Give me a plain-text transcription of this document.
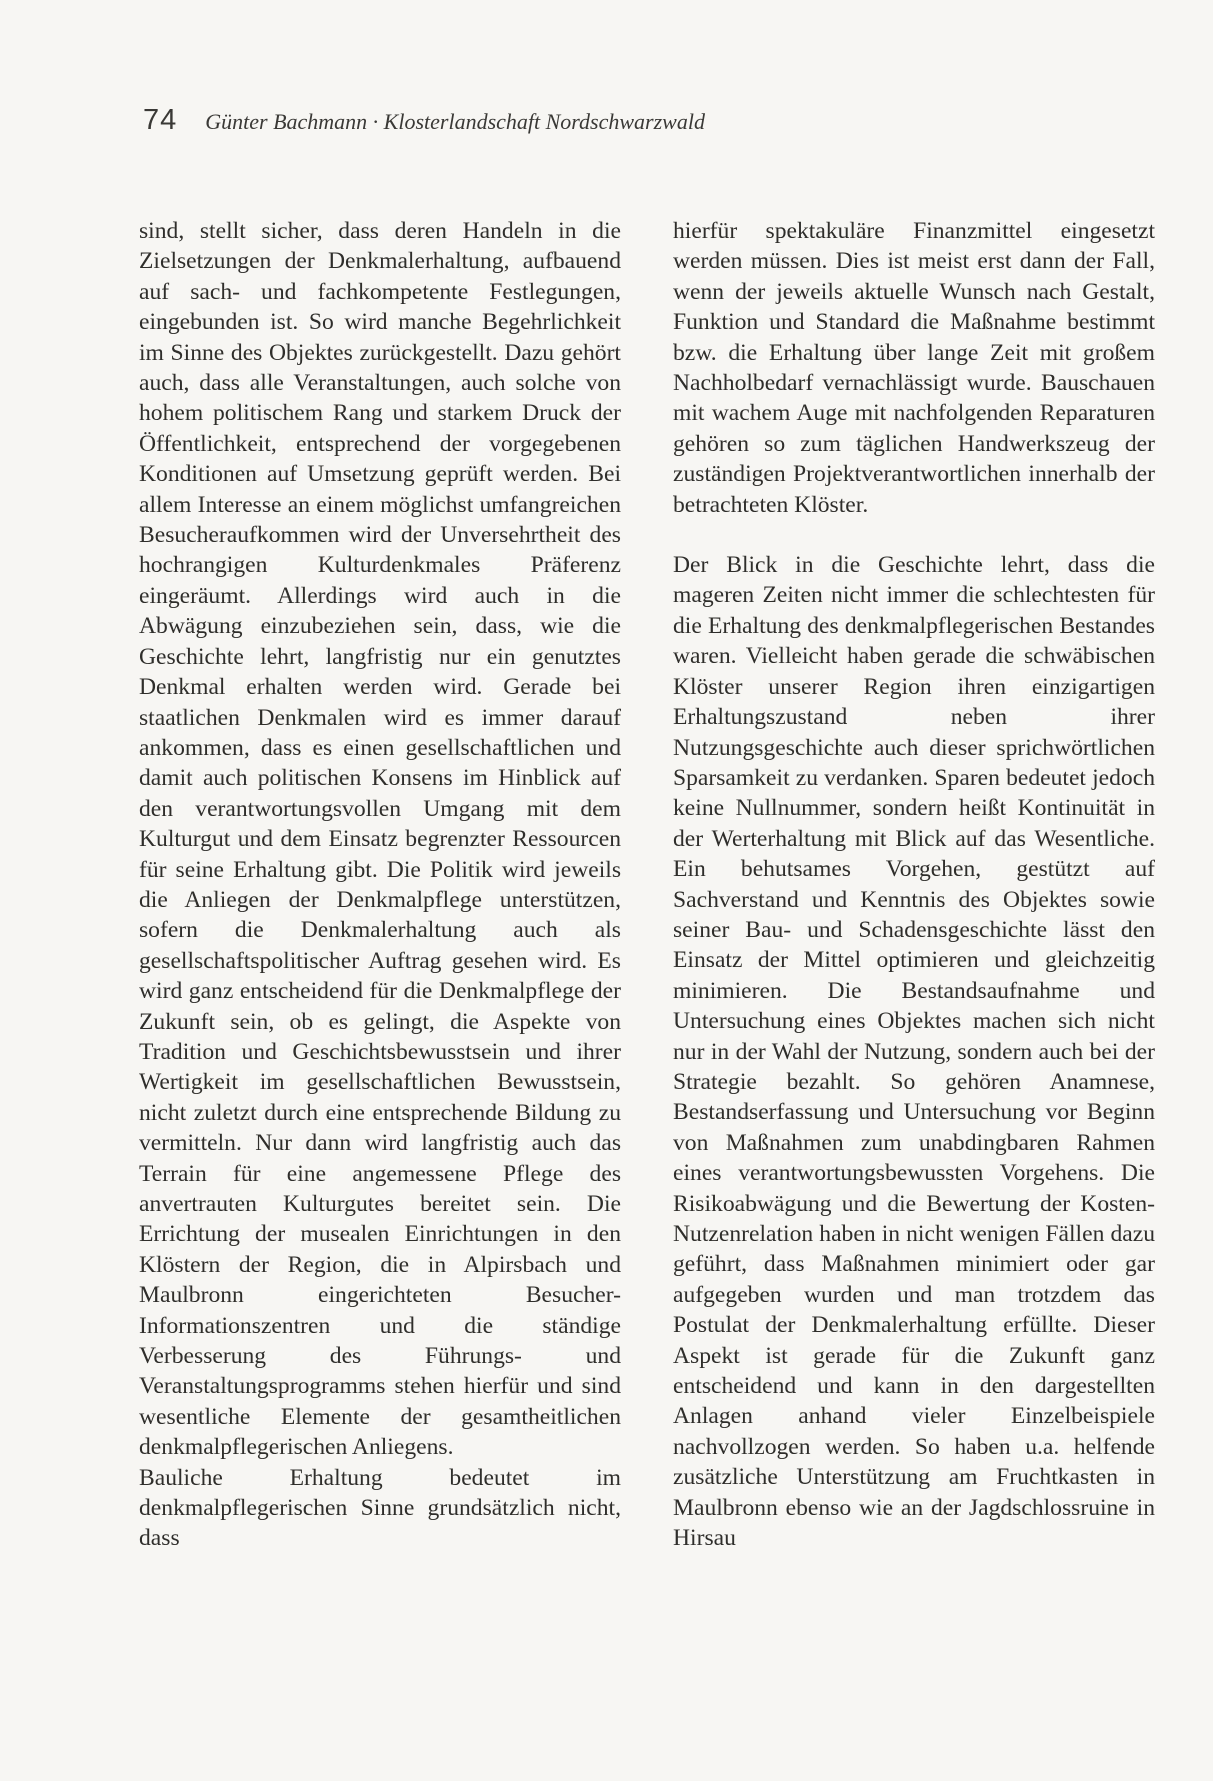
74 Günter Bachmann · Klosterlandschaft Nordschwarzwald

sind, stellt sicher, dass deren Handeln in die Zielsetzungen der Denkmalerhaltung, aufbauend auf sach- und fachkompetente Festlegungen, eingebunden ist. So wird manche Begehrlichkeit im Sinne des Objektes zurückgestellt. Dazu gehört auch, dass alle Veranstaltungen, auch solche von hohem politischem Rang und starkem Druck der Öffentlichkeit, entsprechend der vorgegebenen Konditionen auf Umsetzung geprüft werden. Bei allem Interesse an einem möglichst umfangreichen Besucheraufkommen wird der Unversehrtheit des hochrangigen Kulturdenkmales Präferenz eingeräumt. Allerdings wird auch in die Abwägung einzubeziehen sein, dass, wie die Geschichte lehrt, langfristig nur ein genutztes Denkmal erhalten werden wird. Gerade bei staatlichen Denkmalen wird es immer darauf ankommen, dass es einen gesellschaftlichen und damit auch politischen Konsens im Hinblick auf den verantwortungsvollen Umgang mit dem Kulturgut und dem Einsatz begrenzter Ressourcen für seine Erhaltung gibt. Die Politik wird jeweils die Anliegen der Denkmalpflege unterstützen, sofern die Denkmalerhaltung auch als gesellschaftspolitischer Auftrag gesehen wird. Es wird ganz entscheidend für die Denkmalpflege der Zukunft sein, ob es gelingt, die Aspekte von Tradition und Geschichtsbewusstsein und ihrer Wertigkeit im gesellschaftlichen Bewusstsein, nicht zuletzt durch eine entsprechende Bildung zu vermitteln. Nur dann wird langfristig auch das Terrain für eine angemessene Pflege des anvertrauten Kulturgutes bereitet sein. Die Errichtung der musealen Einrichtungen in den Klöstern der Region, die in Alpirsbach und Maulbronn eingerichteten Besucher-Informationszentren und die ständige Verbesserung des Führungs- und Veranstaltungsprogramms stehen hierfür und sind wesentliche Elemente der gesamtheitlichen denkmalpflegerischen Anliegens.

Bauliche Erhaltung bedeutet im denkmalpflegerischen Sinne grundsätzlich nicht, dass

hierfür spektakuläre Finanzmittel eingesetzt werden müssen. Dies ist meist erst dann der Fall, wenn der jeweils aktuelle Wunsch nach Gestalt, Funktion und Standard die Maßnahme bestimmt bzw. die Erhaltung über lange Zeit mit großem Nachholbedarf vernachlässigt wurde. Bauschauen mit wachem Auge mit nachfolgenden Reparaturen gehören so zum täglichen Handwerkszeug der zuständigen Projektverantwortlichen innerhalb der betrachteten Klöster.

Der Blick in die Geschichte lehrt, dass die mageren Zeiten nicht immer die schlechtesten für die Erhaltung des denkmalpflegerischen Bestandes waren. Vielleicht haben gerade die schwäbischen Klöster unserer Region ihren einzigartigen Erhaltungszustand neben ihrer Nutzungsgeschichte auch dieser sprichwörtlichen Sparsamkeit zu verdanken. Sparen bedeutet jedoch keine Nullnummer, sondern heißt Kontinuität in der Werterhaltung mit Blick auf das Wesentliche. Ein behutsames Vorgehen, gestützt auf Sachverstand und Kenntnis des Objektes sowie seiner Bau- und Schadensgeschichte lässt den Einsatz der Mittel optimieren und gleichzeitig minimieren. Die Bestandsaufnahme und Untersuchung eines Objektes machen sich nicht nur in der Wahl der Nutzung, sondern auch bei der Strategie bezahlt. So gehören Anamnese, Bestandserfassung und Untersuchung vor Beginn von Maßnahmen zum unabdingbaren Rahmen eines verantwortungsbewussten Vorgehens. Die Risikoabwägung und die Bewertung der Kosten-Nutzenrelation haben in nicht wenigen Fällen dazu geführt, dass Maßnahmen minimiert oder gar aufgegeben wurden und man trotzdem das Postulat der Denkmalerhaltung erfüllte. Dieser Aspekt ist gerade für die Zukunft ganz entscheidend und kann in den dargestellten Anlagen anhand vieler Einzelbeispiele nachvollzogen werden. So haben u.a. helfende zusätzliche Unterstützung am Fruchtkasten in Maulbronn ebenso wie an der Jagdschlossruine in Hirsau
